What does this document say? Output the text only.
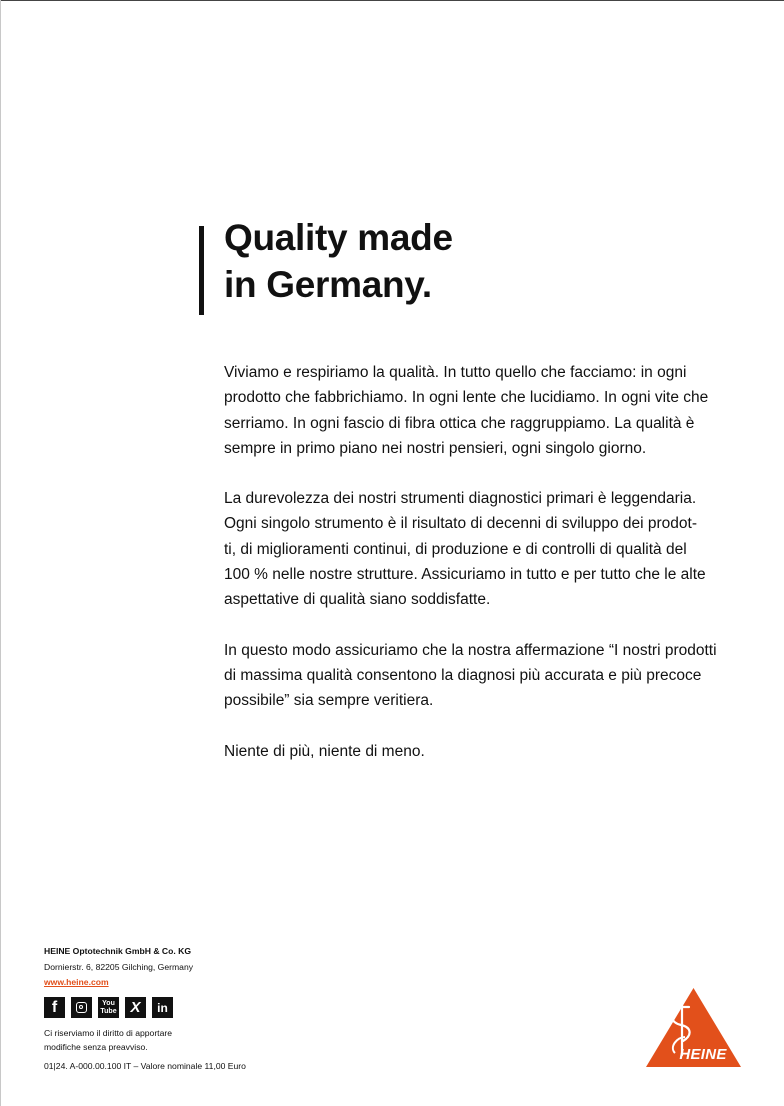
Quality made
in Germany.

Viviamo e respiriamo la qualità. In tutto quello che facciamo: in ogni
prodotto che fabbrichiamo. In ogni lente che lucidiamo. In ogni vite che
serriamo. In ogni fascio di fibra ottica che raggruppiamo. La qualità è
sempre in primo piano nei nostri pensieri, ogni singolo giorno.

La durevolezza dei nostri strumenti diagnostici primari è leggendaria.
Ogni singolo strumento è il risultato di decenni di sviluppo dei prodot-
ti, di miglioramenti continui, di produzione e di controlli di qualità del
100 % nelle nostre strutture. Assicuriamo in tutto e per tutto che le alte
aspettative di qualità siano soddisfatte.

In questo modo assicuriamo che la nostra affermazione “I nostri prodotti
di massima qualità consentono la diagnosi più accurata e più precoce
possibile” sia sempre veritiera.

Niente di più, niente di meno.

HEINE Optotechnik GmbH & Co. KG
Dornierstr. 6, 82205 Gilching, Germany
www.heine.com
f	You
Tube X	in
Ci riserviamo il diritto di apportare
modifiche senza preavviso.
01|24. A-000.00.100 IT – Valore nominale 11,00 Euro
HEINE
